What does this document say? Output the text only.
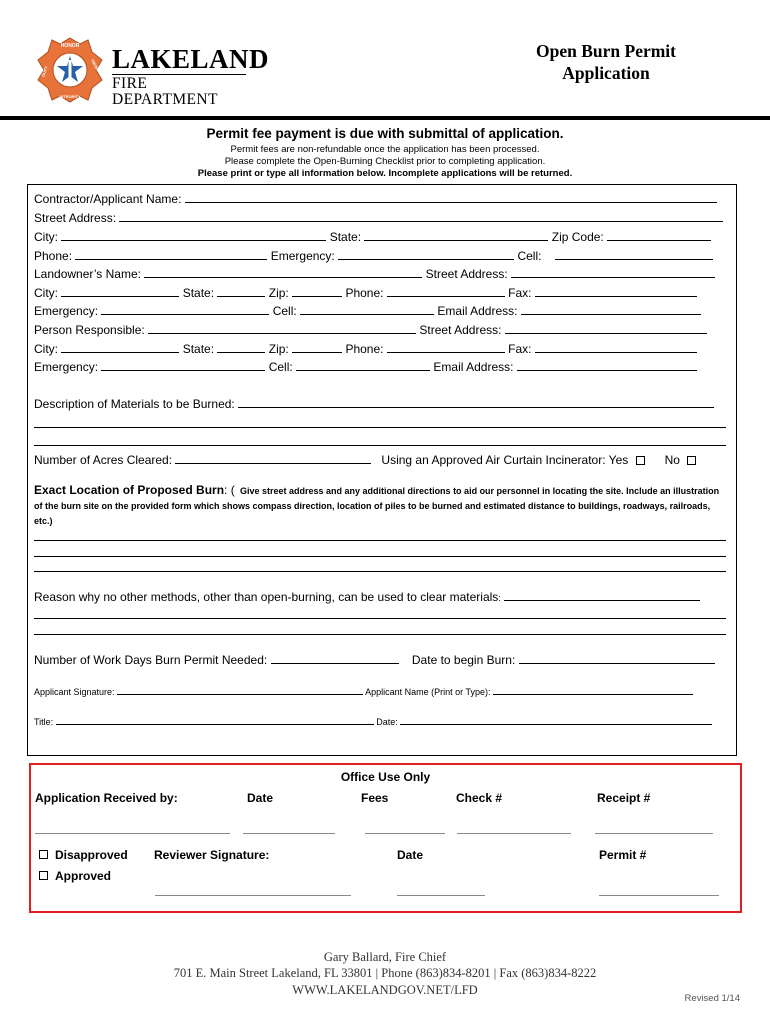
HONOR
TRUST
DUTY
INTEGRITY
LAKELAND
FIRE DEPARTMENT
Open Burn Permit
Application
Permit fee payment is due with submittal of application.
Permit fees are non-refundable once the application has been processed.
Please complete the Open-Burning Checklist prior to completing application.
Please print or type all information below. Incomplete applications will be returned.
Contractor/Applicant Name:
Street Address:
City:	State:	Zip Code:
Phone:	Emergency:	Cell:
Landowner’s Name:	Street Address:
City:	State:	Zip:	Phone:	Fax:
Emergency:	Cell:	Email Address:
Person Responsible:	Street Address:
City:	State:	Zip:	Phone:	Fax:
Emergency:	Cell:	Email Address:
Description of Materials to be Burned:
Number of Acres Cleared:	Using an Approved Air Curtain Incinerator: Yes	No
Exact Location of Proposed Burn: ( Give street address and any additional directions to aid our personnel in locating the site. Include an illustration of the burn site on the provided form which shows compass direction, location of piles to be burned and estimated distance to buildings, roadways, railroads, etc.)
Reason why no other methods, other than open-burning, can be used to clear materials:
Number of Work Days Burn Permit Needed:	Date to begin Burn:
Applicant Signature:	Applicant Name (Print or Type):
Title:	Date:
Office Use Only
Application Received by:	Date	Fees	Check #	Receipt #
Disapproved Reviewer Signature:	Date	Permit #
Approved
Gary Ballard, Fire Chief
701 E. Main Street Lakeland, FL 33801 | Phone (863)834-8201 | Fax (863)834-8222
WWW.LAKELANDGOV.NET/LFD
Revised 1/14
